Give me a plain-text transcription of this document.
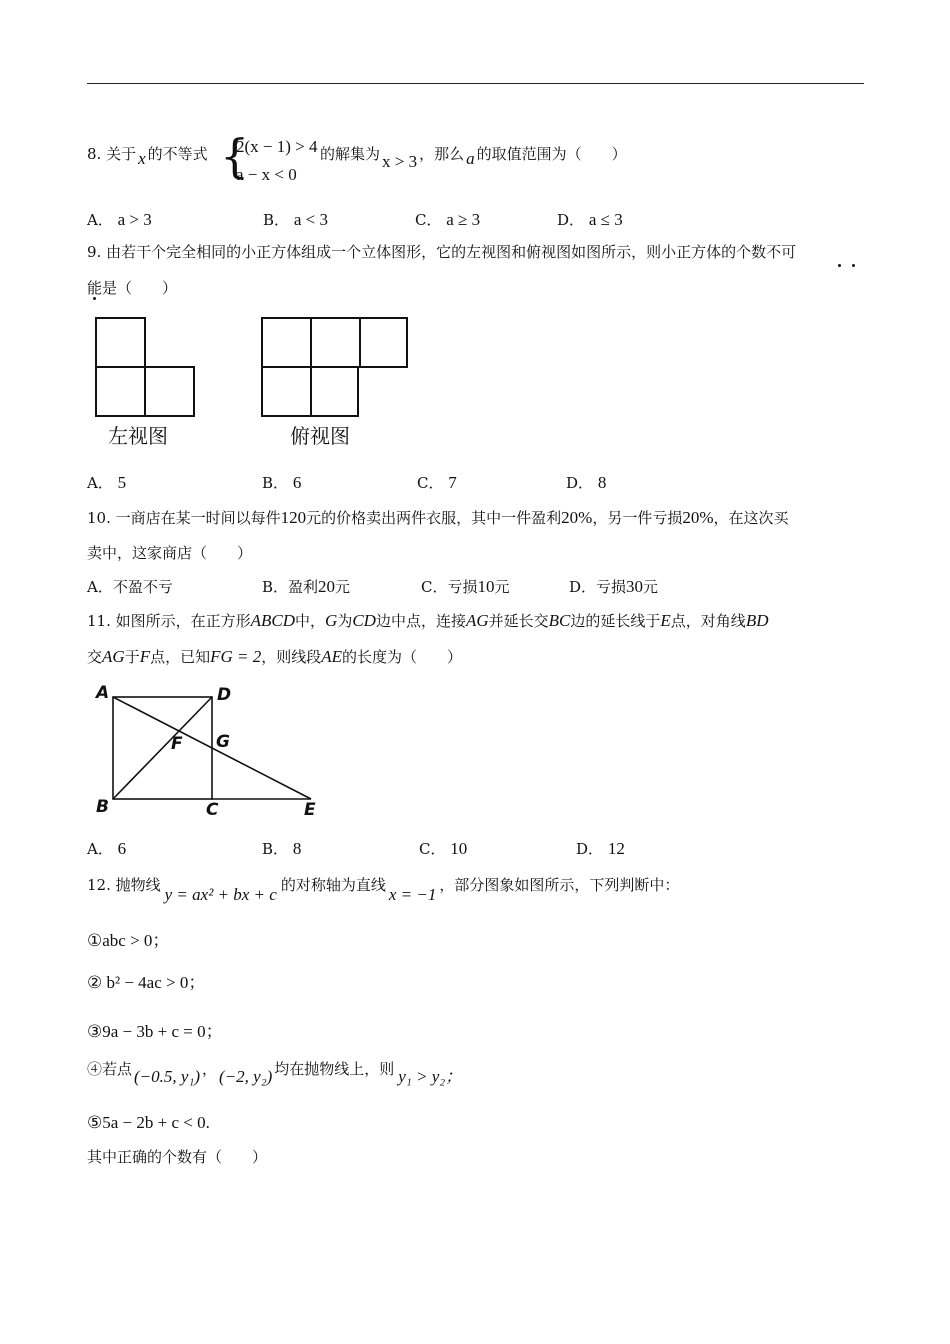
8. 关于 x 的不等式 {
2(x − 1) > 4
a − x < 0
的解集为 x > 3 ，那么 a 的取值范围为（　　）
A． a > 3	B． a < 3	C． a ≥ 3	D． a ≤ 3
9. 由若干个完全相同的小正方体组成一个立体图形，它的左视图和俯视图如图所示，则小正方体的个数不可
能是（　　）
左视图	俯视图
A． 5	B． 6	C． 7	D． 8
10. 一商店在某一时间以每件120元的价格卖出两件衣服，其中一件盈利20%，另一件亏损20%，在这次买
卖中，这家商店（　　）
A．不盈不亏	B．盈利20元	C．亏损10元	D．亏损30元
11. 如图所示，在正方形ABCD中，G为CD边中点，连接AG并延长交BC边的延长线于E点，对角线BD
交AG于F点，已知FG = 2，则线段AE的长度为（　　）
A	D
F G
B	C	E
A． 6	B． 8	C． 10	D． 12
12. 抛物线 y = ax² + bx + c 的对称轴为直线 x = −1 ，部分图象如图所示，下列判断中：
①abc > 0；
② b² − 4ac > 0；
③9a − 3b + c = 0；
④若点 (−0.5, y₁) ， (−2, y₂) 均在抛物线上，则 y₁ > y₂；
⑤5a − 2b + c < 0.
其中正确的个数有（　　）
